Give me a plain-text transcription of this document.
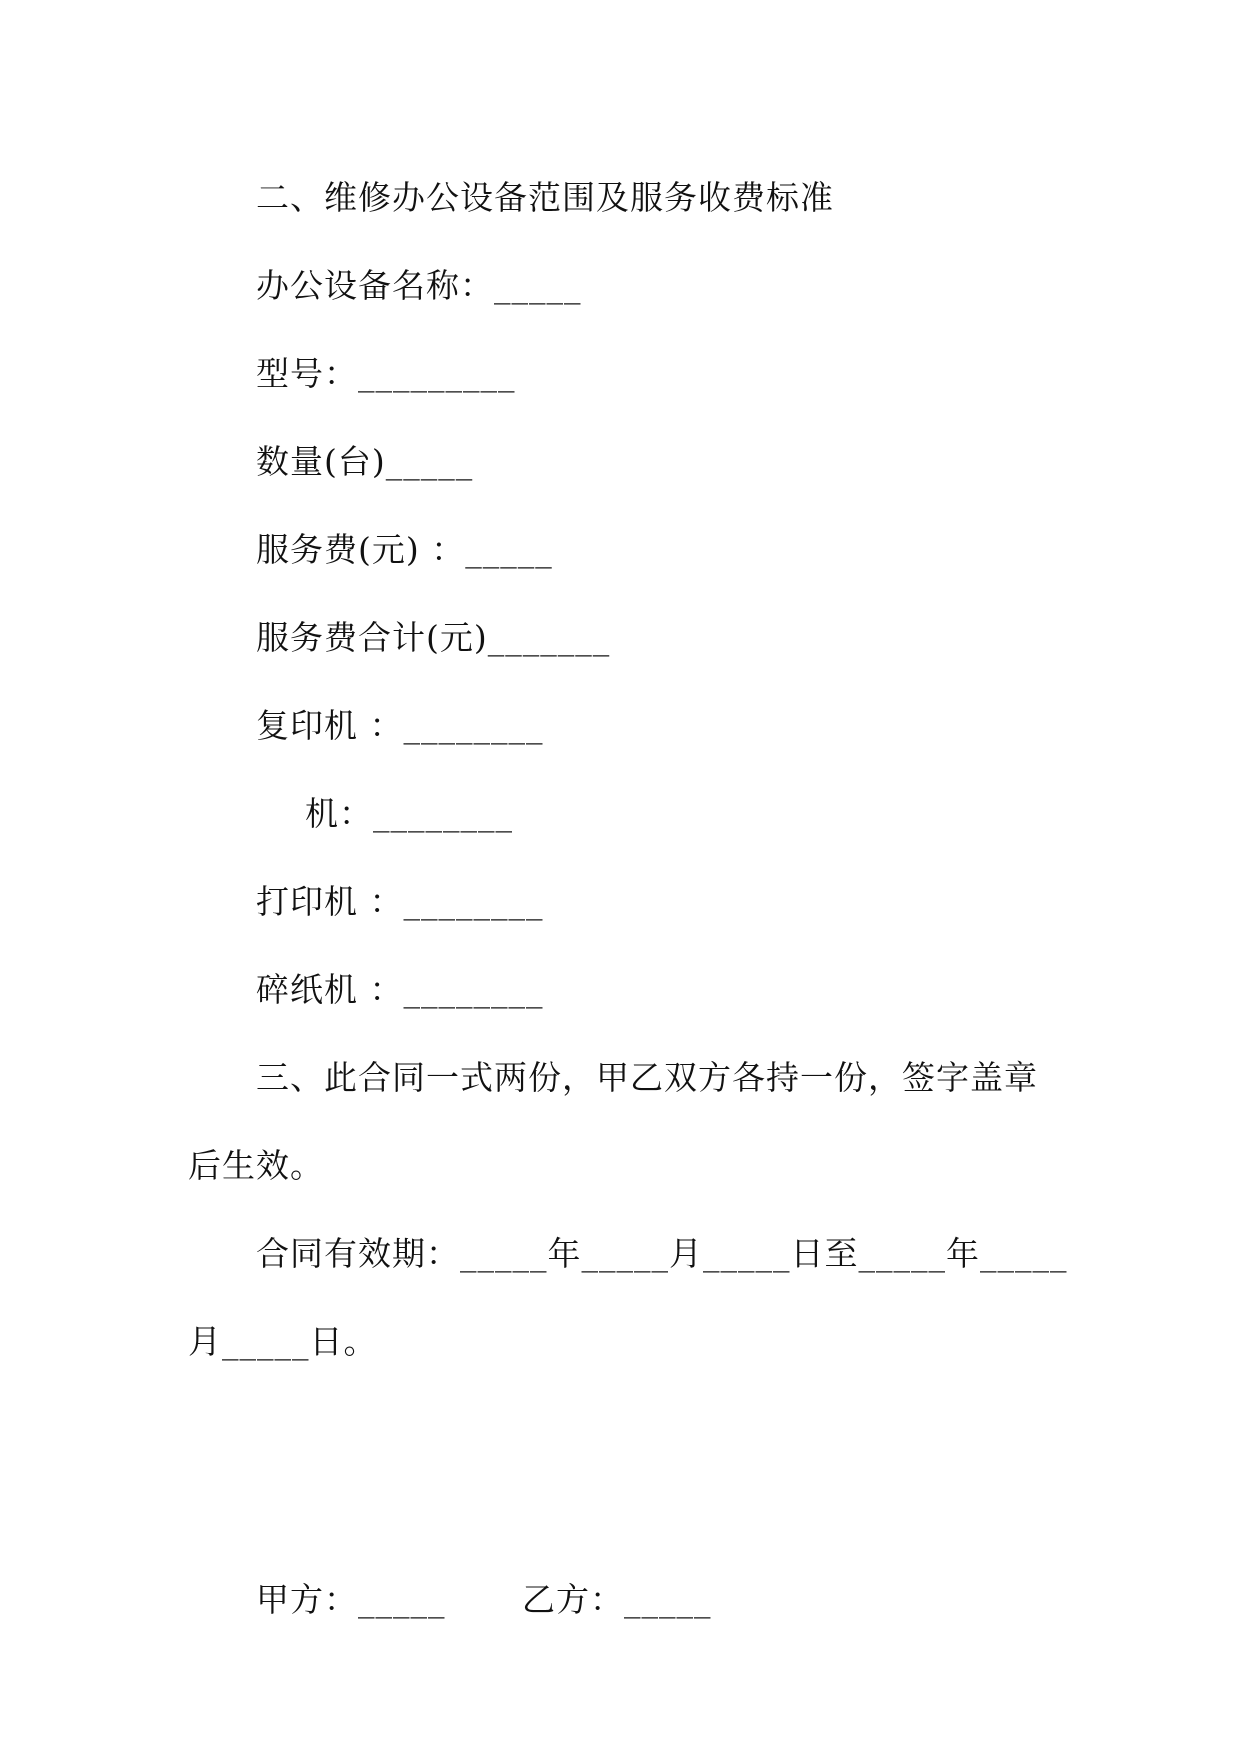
二、维修办公设备范围及服务收费标准
办公设备名称：_____
型号：_________
数量(台)_____
服务费(元) ：_____
服务费合计(元)_______
复印机 ：________
机：________
打印机 ：________
碎纸机 ：________
三、此合同一式两份，甲乙双方各持一份，签字盖章
后生效。
合同有效期：_____年_____月_____日至_____年_____
月_____日。
甲方：_____ 乙方：_____
